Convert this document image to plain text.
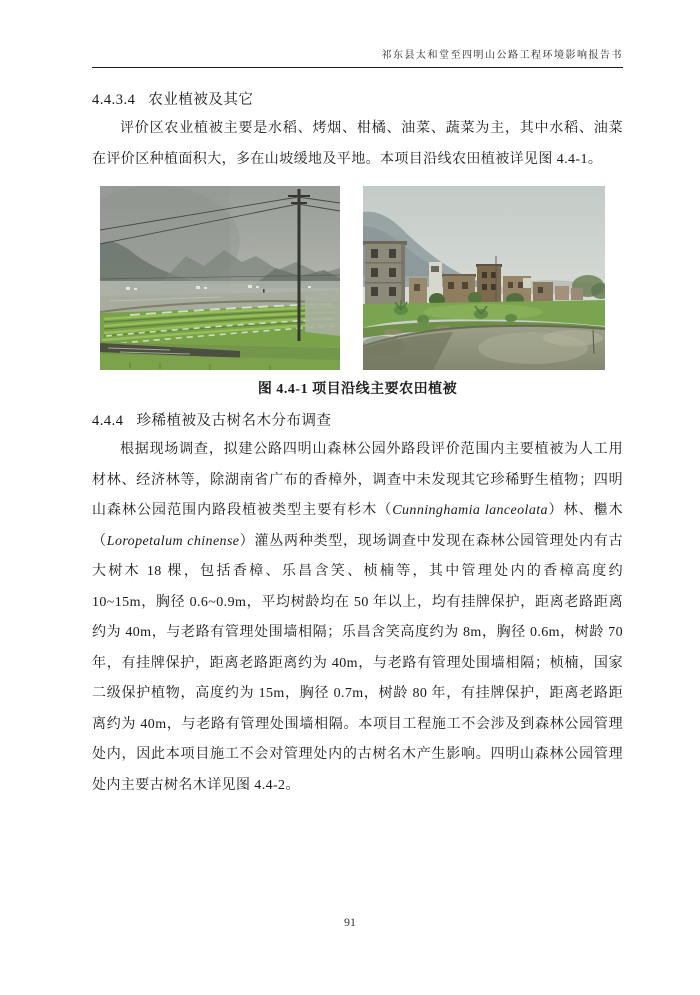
祁东县太和堂至四明山公路工程环境影响报告书
4.4.3.4 农业植被及其它

评价区农业植被主要是水稻、烤烟、柑橘、油菜、蔬菜为主，其中水稻、油菜在评价区种植面积大，多在山坡缓地及平地。本项目沿线农田植被详见图 4.4-1。

图 4.4-1 项目沿线主要农田植被
4.4.4 珍稀植被及古树名木分布调查

根据现场调查，拟建公路四明山森林公园外路段评价范围内主要植被为人工用材林、经济林等，除湖南省广布的香樟外，调查中未发现其它珍稀野生植物；四明山森林公园范围内路段植被类型主要有杉木（Cunninghamia lanceolata）林、檵木（Loropetalum chinense）灌丛两种类型，现场调查中发现在森林公园管理处内有古大树木 18 棵，包括香樟、乐昌含笑、桢楠等，其中管理处内的香樟高度约 10~15m，胸径 0.6~0.9m，平均树龄均在 50 年以上，均有挂牌保护，距离老路距离约为 40m，与老路有管理处围墙相隔；乐昌含笑高度约为 8m，胸径 0.6m，树龄 70 年，有挂牌保护，距离老路距离约为 40m，与老路有管理处围墙相隔；桢楠，国家二级保护植物，高度约为 15m，胸径 0.7m，树龄 80 年，有挂牌保护，距离老路距离约为 40m，与老路有管理处围墙相隔。本项目工程施工不会涉及到森林公园管理处内，因此本项目施工不会对管理处内的古树名木产生影响。四明山森林公园管理处内主要古树名木详见图 4.4-2。

91
